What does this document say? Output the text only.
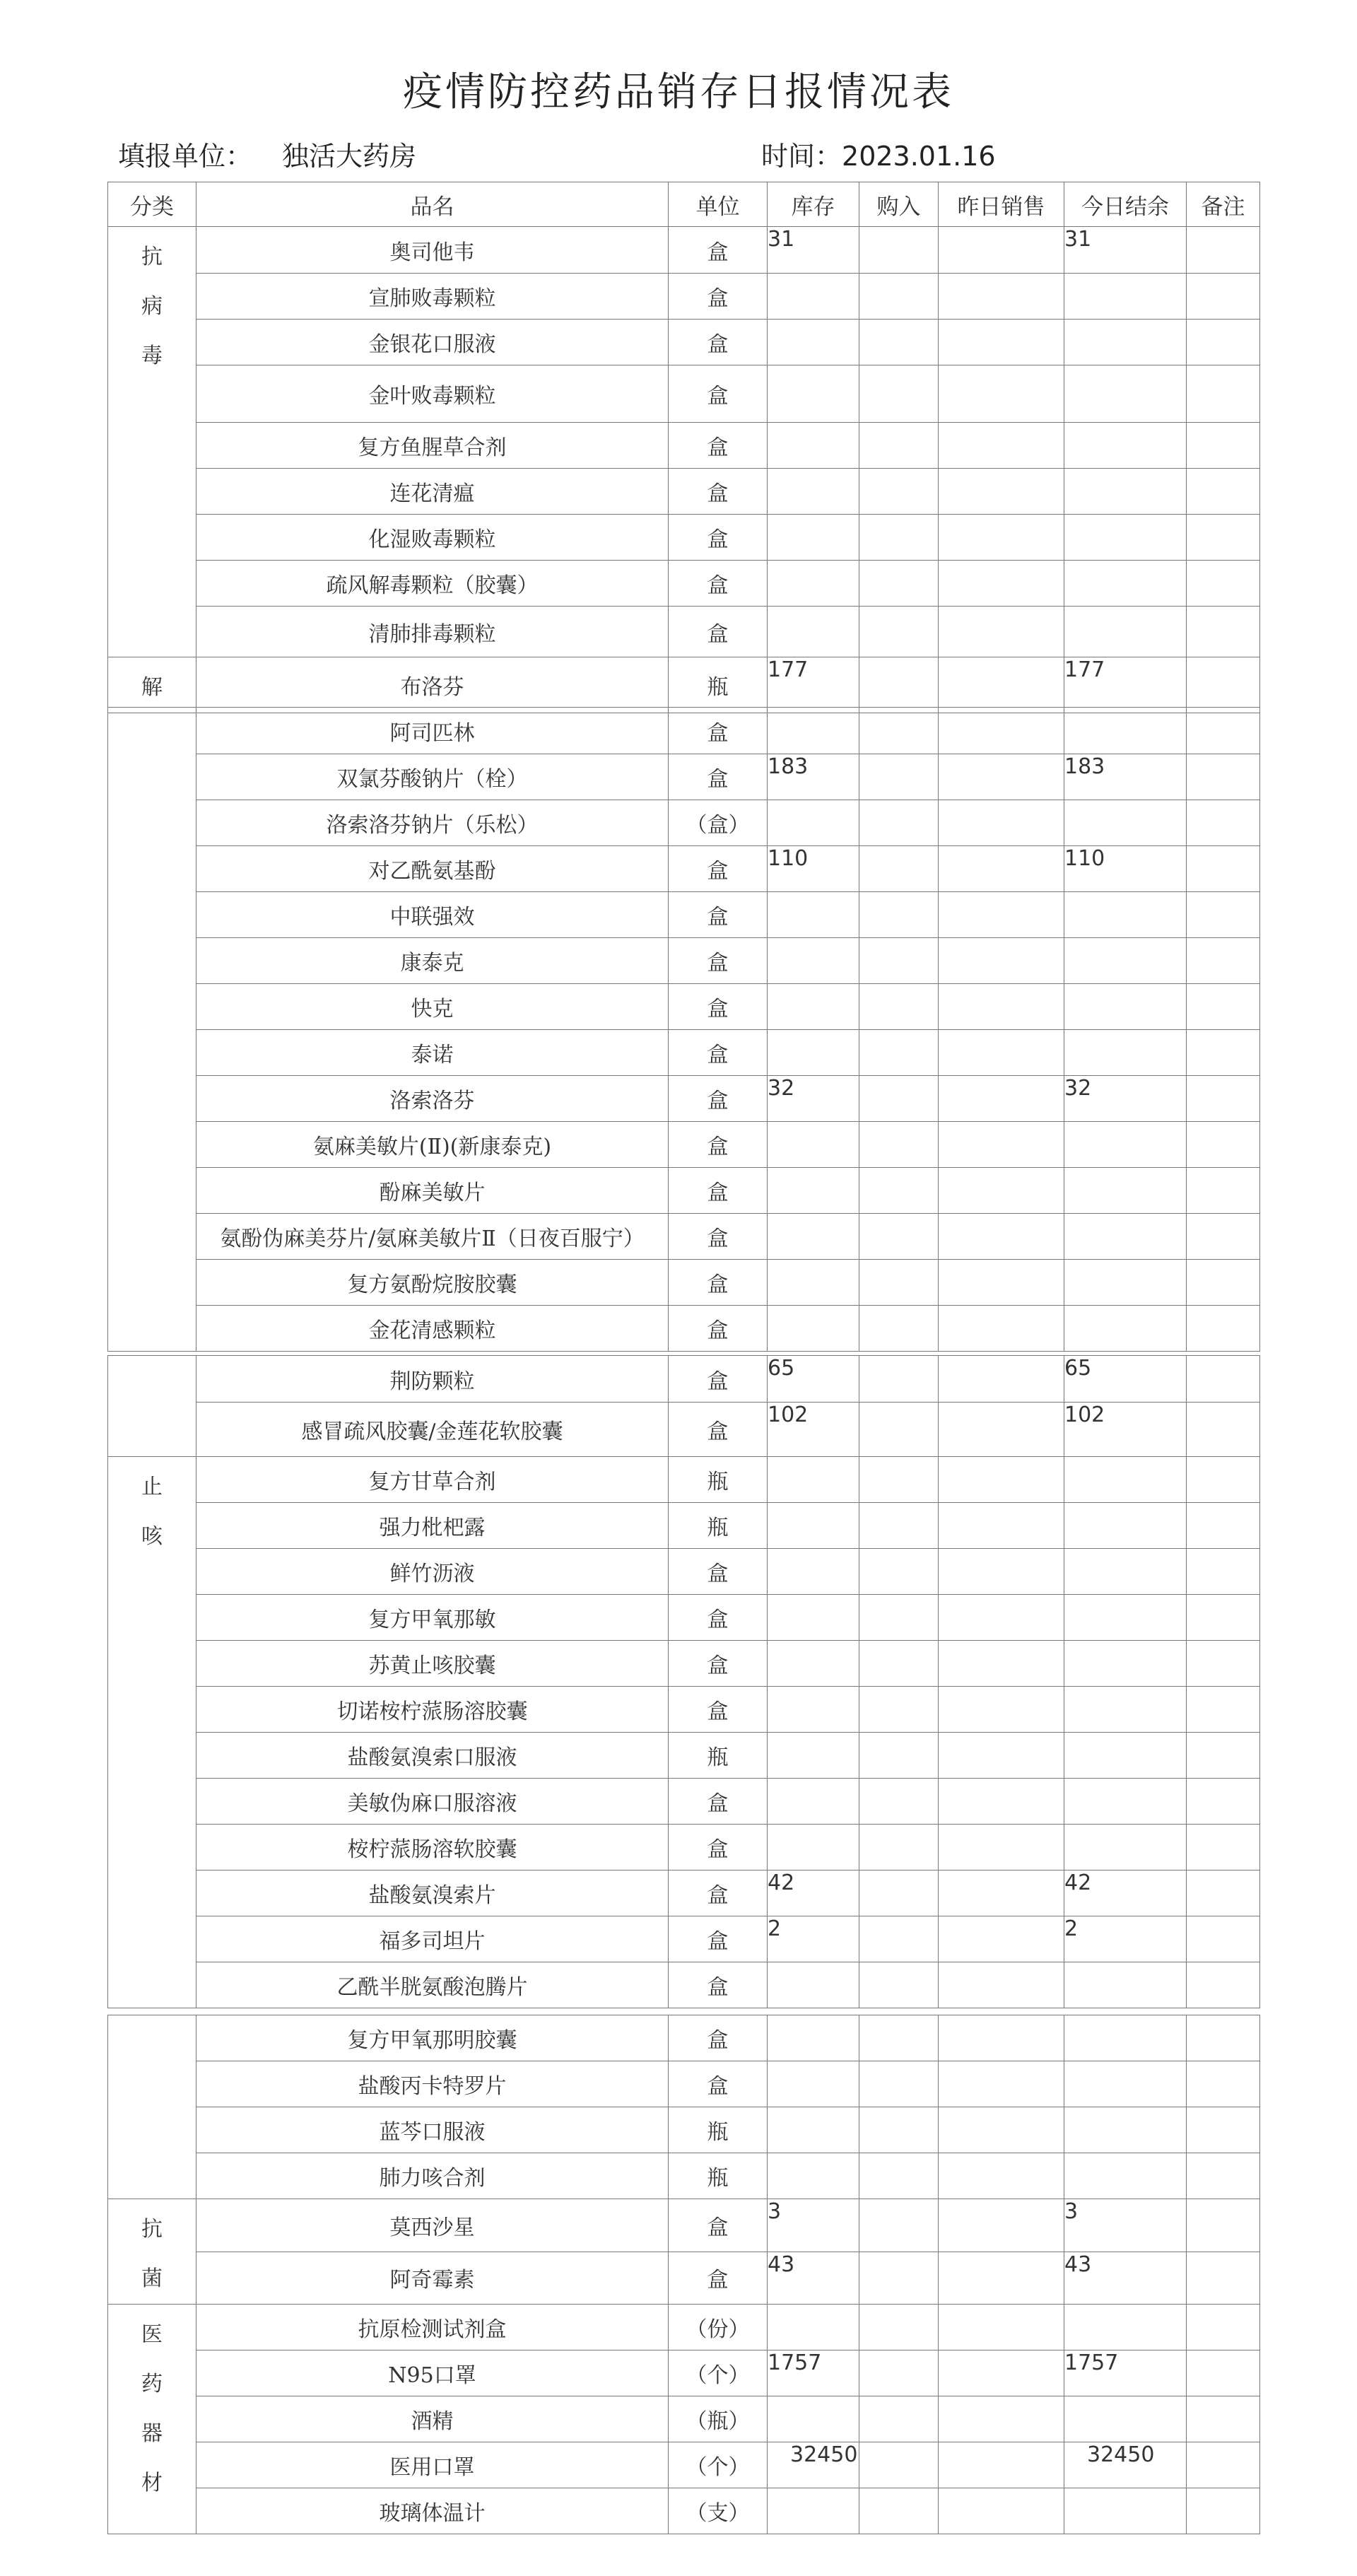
疫情防控药品销存日报情况表
填报单位： 独活大药房	时间：2023.01.16
分类	品名	单位	库存	购入	昨日销售	今日结余	备注

抗
病
毒	奥司他韦	盒	31			31	
	宣肺败毒颗粒	盒					
	金银花口服液	盒					
	金叶败毒颗粒	盒					
	复方鱼腥草合剂	盒					
	连花清瘟	盒					
	化湿败毒颗粒	盒					
	疏风解毒颗粒（胶囊）	盒					
	清肺排毒颗粒	盒					

解	布洛芬	瓶	177			177	
	阿司匹林	盒					
	双氯芬酸钠片（栓）	盒	183			183	
	洛索洛芬钠片（乐松）	（盒）					
	对乙酰氨基酚	盒	110			110	
	中联强效	盒					
	康泰克	盒					
	快克	盒					
	泰诺	盒					
	洛索洛芬	盒	32			32	
	氨麻美敏片(Ⅱ)(新康泰克)	盒					
	酚麻美敏片	盒					
	氨酚伪麻美芬片/氨麻美敏片Ⅱ（日夜百服宁）	盒					
	复方氨酚烷胺胶囊	盒					
	金花清感颗粒	盒					
	荆防颗粒	盒	65			65	
	感冒疏风胶囊/金莲花软胶囊	盒	102			102	

止
咳	复方甘草合剂	瓶					
	强力枇杷露	瓶					
	鲜竹沥液	盒					
	复方甲氧那敏	盒					
	苏黄止咳胶囊	盒					
	切诺桉柠蒎肠溶胶囊	盒					
	盐酸氨溴索口服液	瓶					
	美敏伪麻口服溶液	盒					
	桉柠蒎肠溶软胶囊	盒					
	盐酸氨溴索片	盒	42			42	
	福多司坦片	盒	2			2	
	乙酰半胱氨酸泡腾片	盒					
	复方甲氧那明胶囊	盒					
	盐酸丙卡特罗片	盒					
	蓝芩口服液	瓶					
	肺力咳合剂	瓶					

抗
菌	莫西沙星	盒	3			3	
	阿奇霉素	盒	43			43	

医
药
器
材	抗原检测试剂盒	（份）					
	N95口罩	（个）	1757			1757	
	酒精	（瓶）					
	医用口罩	（个）	32450			32450	
	玻璃体温计	（支）					
